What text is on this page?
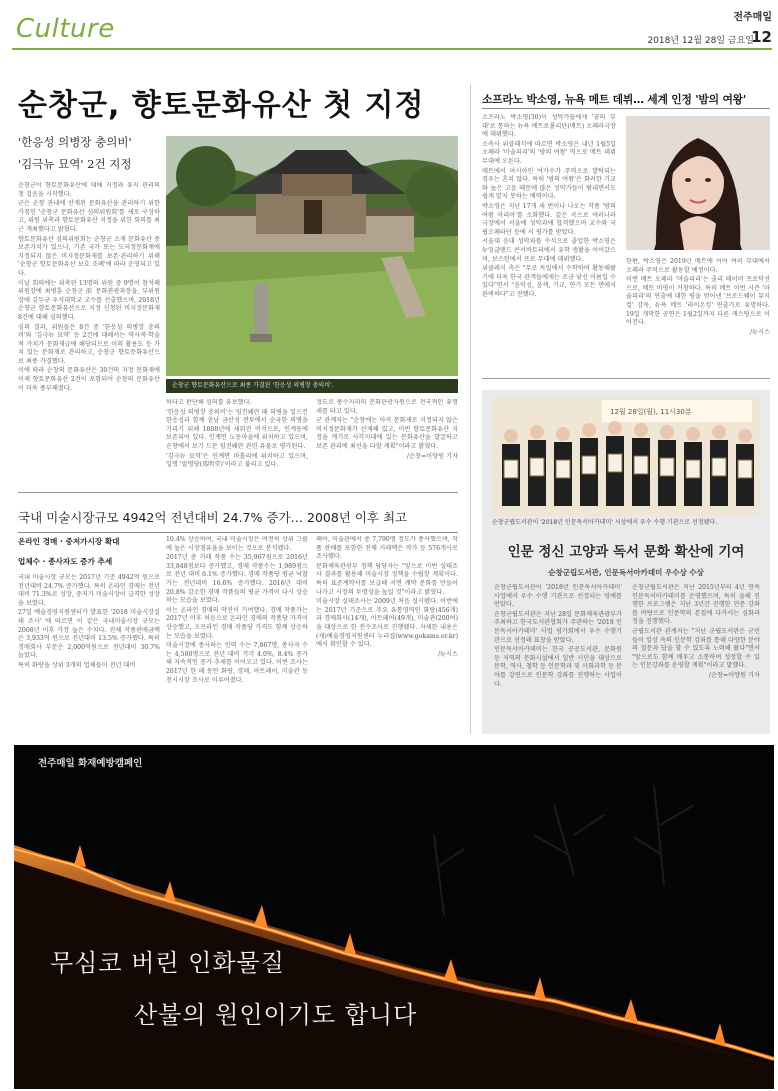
Culture	전주매일
2018년 12월 28일 금요일
12
순창군, 향토문화유산 첫 지정
'한응성 의병장 충의비'
'김극뉴 묘역' 2건 지정
순창군 향토문화유산으로 최종 가결된 '한응성 의병장 충의비'.

순창군이 향토문화유산에 대해 지정과 유지 관리의 첫 걸음을 시작했다.

군은 순창 관내에 산재된 문화유산을 관리하기 위한 가칭인 '순창군 문화유산 심의위원회'를 새로 구성하고, 위원 위촉과 향토문화유산 지정을 위한 회의를 최근 개최했다고 밝혔다.

향토문화유산 심의위원회는 순창군 소재 문화유산 중 보존가치가 있으나, 기존 국가 또는 도지정문화재에 지정되지 않은 비지정문화재를 보존·관리하기 위해 '순창군 향토문화유산 보호 조례'에 따라 운영되고 있다.

이날 회의에는 위촉된 13명의 위원 중 9명이 참석해 위원장에 최병훈 순창군 前 문화관광과장을, 부위원장에 김두규 우석대학교 교수를 선출했으며, 2018년 순창군 향토문화유산으로 지정 신청된 비지정문화재 8건에 대해 심의했다.

심의 결과, 위원들은 8건 중 '한응성 의병장 충의비'와 '김극뉴 묘역' 등 2건에 대해서는 역사적·학술적 가치가 문화재급에 해당되므로 이의 활용도 등 가치 있는 문화재로 관리하고, 순창군 향토문화유산으로 최종 가결했다.

이에 따라 순창의 문화유산은 30건의 지정 문화재에 이제 향토문화유산 2건이 포함되어 순창의 문화유산이 더욱 풍부해졌다.

하다고 판단해 심의를 유보했다.

'한응성 의병장 충의비'는 임진왜란 때 의병을 일으킨 한응성과 함께 충남 금산성 전투에서 순국한 의병을 기리기 위해 1808년에 세워진 비석으로, 인계동에 보존되어 있다. 인계면 노동마을에 위치하고 있으며, 순창에서 보기 드문 임진왜란 관련 유물로 평가된다.

'김극뉴 묘역'은 인계면 마흘리에 위치하고 있으며, 일명 '말명당(馬明堂)'이라고 불리고 있다.

정도로 풍수지리의 문화관광자원으로 전국적인 유명세를 타고 있다.

군 관계자는 "순창에는 아직 문화재로 지정되지 않은 비지정문화재가 산재해 있고, 이번 향토문화유산 지정을 계기로 사각지대에 있는 문화유산을 발굴하고 보존 관리에 최선을 다할 계획"이라고 밝혔다.

/순창=이양원 기자

소프라노 박소영, 뉴욕 메트 데뷔… 세계 인정 '밤의 여왕'

소프라노 박소영(30)이 성악가들에게 '꿈의 무대'로 통하는 뉴욕 메트로폴리탄(메트) 오페라극장에 데뷔했다.

소속사 위클래식에 따르면 박소영은 내년 1월5일 오페라 '마술피리'의 '밤의 여왕' 역으로 메트 데뷔 무대에 오른다.

메트에서 아시아인 여가수가 주역으로 발탁되는 경우는 흔치 않다. 특히 '밤의 여왕'은 화려한 기교와 높은 고음 때문에 많은 성악가들이 탐내면서도 쉽게 맡지 못하는 배역이다.

박소영은 지난 17개 세 번이나 나오는 작품 '밤의 여왕 아리아'를 소화했다. 같은 곡으로 여러나라 극장에서 서울에 성악과에 합격했으며 교수와 국립오페라단 등에 서 평가를 받았다.

서울대 음대 성악과를 수석으로 졸업한 박소영은 뉴잉글랜드 콘서바토리에서 유학 생활을 이어갔으며, 보스턴에서 프로 무대에 데뷔했다.

위클래식 측은 "무로 독일에서 수학하며 활동해왔기에 더욱 한국 관객들에게는 조금 낯선 이름일 수 있다"면서 "음악성, 음색, 기교, 연기 모든 면에서 완벽하다"고 전했다.

한편, 박소영은 2019년 메트에 이어 여러 무대에서 오페라 주역으로 활동할 예정이다.

이번 메트 오페라 '마술피리'는 줄리 테이머 프로덕션으로, 메트 비평이 거창하다. 특히 메트 이번 시즌 '마술피리'의 연출에 대한 평을 얻어낸 '브로드웨이 뮤지컬' 감독, 뉴욕 메트 '라이온킹' 연출가로 유명하다. 19일 개막한 공연은 1월2일까지 다른 캐스팅으로 이어진다.

/뉴시스

12월 28일(월), 11시30분
순창군립도서관이 '2018년 인문독서아카데미' 시상에서 우수 수행 기관으로 선정됐다.
인문 정신 고양과 독서 문화 확산에 기여
순창군립도서관, 인문독서아카데미 우수상 수상

순창군립도서관이 '2018년 인문독서아카데미' 사업에서 우수 수행 기관으로 선정되는 영예를 안았다.

순창군립도서관은 지난 28일 문화체육관광부가 주최하고 한국도서관협회가 주관하는 '2018 인문독서아카데미' 사업 평가회에서 우수 수행기관으로 선정돼 표창을 받았다.

인문독서아카데미는 한국 공공도서관, 문화원 등 지역의 문화시설에서 일반 시민을 대상으로 문학, 역사, 철학 등 인문학과 및 사회과학 등 분야를 강연으로 인문학 강좌를 진행하는 사업이다.

순창군립도서관은 지난 2015년부터 4년 연속 인문독서아카데미를 운영했으며, 특히 올해 진행한 프로그램은 지난 3년간 진행한 인문 강좌를 바탕으로 인문학의 본질에 다가서는 심화과정을 진행했다.

군립도서관 관계자는 "지난 군립도서관은 군민들이 일상 속의 인문학 강좌를 통해 다양한 분야의 질문과 답을 할 수 있도록 노력해 왔다"면서 "앞으로도 함께 배우고 소통하며 성장할 수 있는 인문강좌를 운영할 계획"이라고 말했다.

/순창=이양원 기자

국내 미술시장규모 4942억 전년대비 24.7% 증가… 2008년 이후 최고
온라인 경매 · 중저가시장 확대
업체수 · 종사자도 증가 추세

국내 미술시장 규모는 2017년 기준 4942억 원으로 전년대비 24.7% 증가했다. 특히 온라인 경매는 전년 대비 71.3%로 성장, 중저가 미술시장이 급격한 성장을 보였다.

27일 예술경영지원센터가 발표한 '2018 미술시장실태 조사' 에 따르면 이 같은 국내미술시장 규모는 2008년 이후 가장 높은 수치다. 전체 작품판매금액은 3,933억 원으로 전년대비 13.5% 증가했다. 특히 경매회사 부문은 2,000억원으로 전년대비 30.7% 늘었다.

특히 화랑을 상위 3개의 업체들이 전년 대비

10.4% 상승하여, 국내 미술시장은 여전히 상위 그룹에 높은 시장점유율을 보이는 것으로 분석됐다.

2017년 총 거래 작품 수는 35,967점으로 2016년 33,848점보다 증가했고, 경매 작품수는 1,989점으로 전년 대비 6.1% 증가했다. 경매 작품당 평균 낙찰가는 전년대비 16.6% 증가했다. 2016년 대비 20.8% 감소한 경매 작품들의 평균 가격이 다시 상승하는 모습을 보였다.

이는 온라인 경매의 약진이 기여했다. 경매 작품가는 2017년 이후 처음으로 온라인 경매의 작품당 가격이 상승했고, 오프라인 경매 작품당 가격도 함께 상승하는 모습을 보였다.

미술시장에 종사하는 인력 수는 7,867명, 종사자 수는 4,580명으로 전년 대비 각각 4.0%, 8.4% 증가해 지속적인 증가 추세를 이어오고 있다. 이번 조사는 2017년 한 해 동안 화랑, 경매, 아트페어, 미술관 등 전시시장 조사로 이루어졌다.

페어, 미술관에서 총 7,790명 정도가 종사했으며, 작품 판매를 포함한 전체 거래액은 작가 등 576개사로 조사됐다.

문화체육관광부 정책 담당자는 "앞으로 이번 실태조사 결과를 활용해 미술시장 정책을 수립할 계획이다. 특히 표준계약서를 보급해 서면 계약 문화를 만들어 나가고 시장의 투명성을 높일 것"이라고 밝혔다.

미술시장 실태조사는 2009년 처음 실시됐다. 이번에는 2017년 기준으로 주요 유통영역인 화랑(456개)과 경매회사(14개), 아트페어(49개), 미술관(200여)을 대상으로 한 전수조사로 진행됐다. 자세한 내용은 (재)예술경영지원센터 누리집(www.gokams.or.kr)에서 확인할 수 있다.

/뉴시스

전주매일 화재예방캠페인
무심코 버린 인화물질
산불의 원인이기도 합니다
